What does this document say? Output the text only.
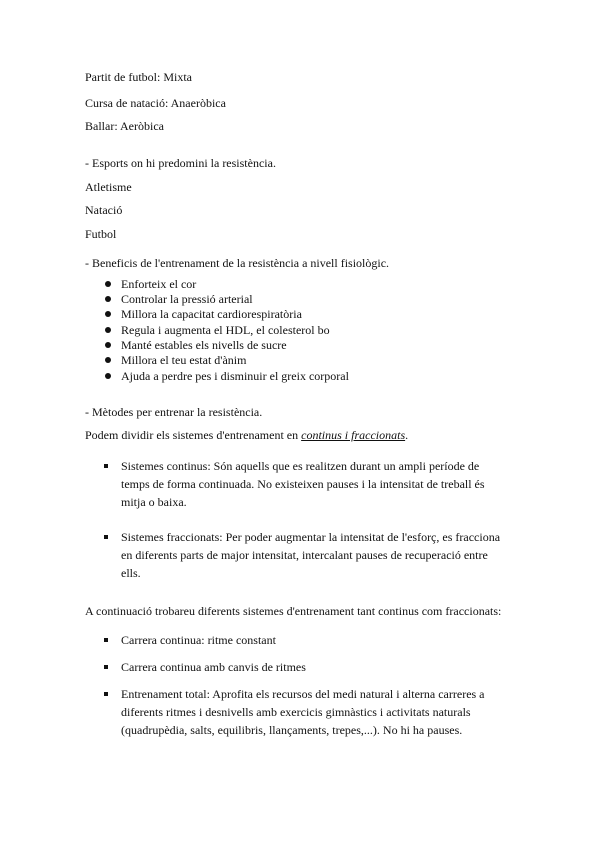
Partit de futbol: Mixta
Cursa de natació: Anaeròbica
Ballar: Aeròbica
- Esports on hi predomini la resistència.
Atletisme
Natació
Futbol
- Beneficis de l'entrenament de la resistència a nivell fisiològic.
Enforteix el cor
Controlar la pressió arterial
Millora la capacitat cardiorespiratòria
Regula i augmenta el HDL, el colesterol bo
Manté estables els nivells de sucre
Millora el teu estat d'ànim
Ajuda a perdre pes i disminuir el greix corporal
- Mètodes per entrenar la resistència.
Podem dividir els sistemes d'entrenament en continus i fraccionats.
Sistemes continus: Són aquells que es realitzen durant un ampli període de
temps de forma continuada. No existeixen pauses i la intensitat de treball és
mitja o baixa.
Sistemes fraccionats: Per poder augmentar la intensitat de l'esforç, es fracciona
en diferents parts de major intensitat, intercalant pauses de recuperació entre
ells.
A continuació trobareu diferents sistemes d'entrenament tant continus com fraccionats:
Carrera continua: ritme constant
Carrera continua amb canvis de ritmes
Entrenament total: Aprofita els recursos del medi natural i alterna carreres a
diferents ritmes i desnivells amb exercicis gimnàstics i activitats naturals
(quadrupèdia, salts, equilibris, llançaments, trepes,...). No hi ha pauses.
